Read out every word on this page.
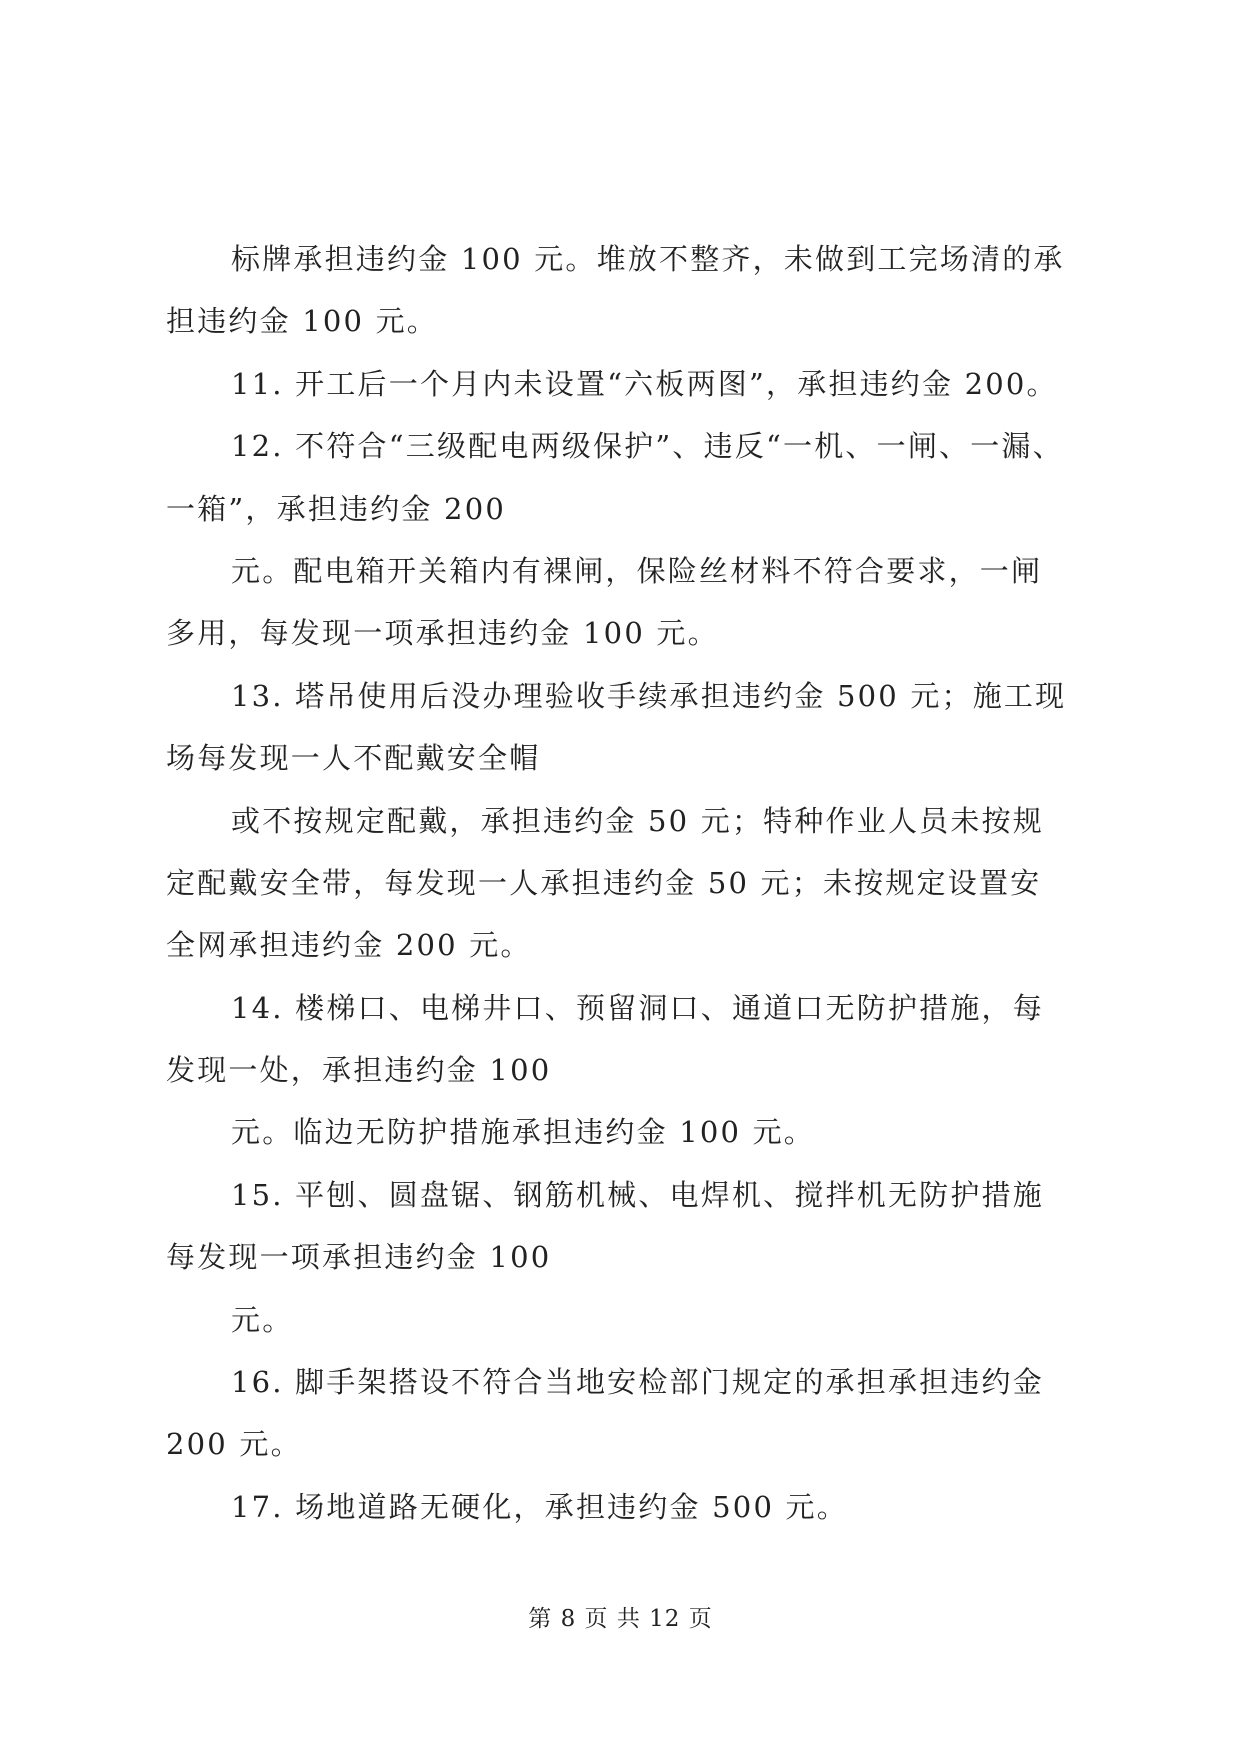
标牌承担违约金 100 元。堆放不整齐，未做到工完场清的承
担违约金 100 元。
11. 开工后一个月内未设置“六板两图”，承担违约金 200。
12. 不符合“三级配电两级保护”、违反“一机、一闸、一漏、
一箱”，承担违约金 200
元。配电箱开关箱内有裸闸，保险丝材料不符合要求，一闸
多用，每发现一项承担违约金 100 元。
13. 塔吊使用后没办理验收手续承担违约金 500 元；施工现
场每发现一人不配戴安全帽
或不按规定配戴，承担违约金 50 元；特种作业人员未按规
定配戴安全带，每发现一人承担违约金 50 元；未按规定设置安
全网承担违约金 200 元。
14. 楼梯口、电梯井口、预留洞口、通道口无防护措施，每
发现一处，承担违约金 100
元。临边无防护措施承担违约金 100 元。
15. 平刨、圆盘锯、钢筋机械、电焊机、搅拌机无防护措施
每发现一项承担违约金 100
元。
16. 脚手架搭设不符合当地安检部门规定的承担承担违约金
200 元。
17. 场地道路无硬化，承担违约金 500 元。
第 8 页 共 12 页
